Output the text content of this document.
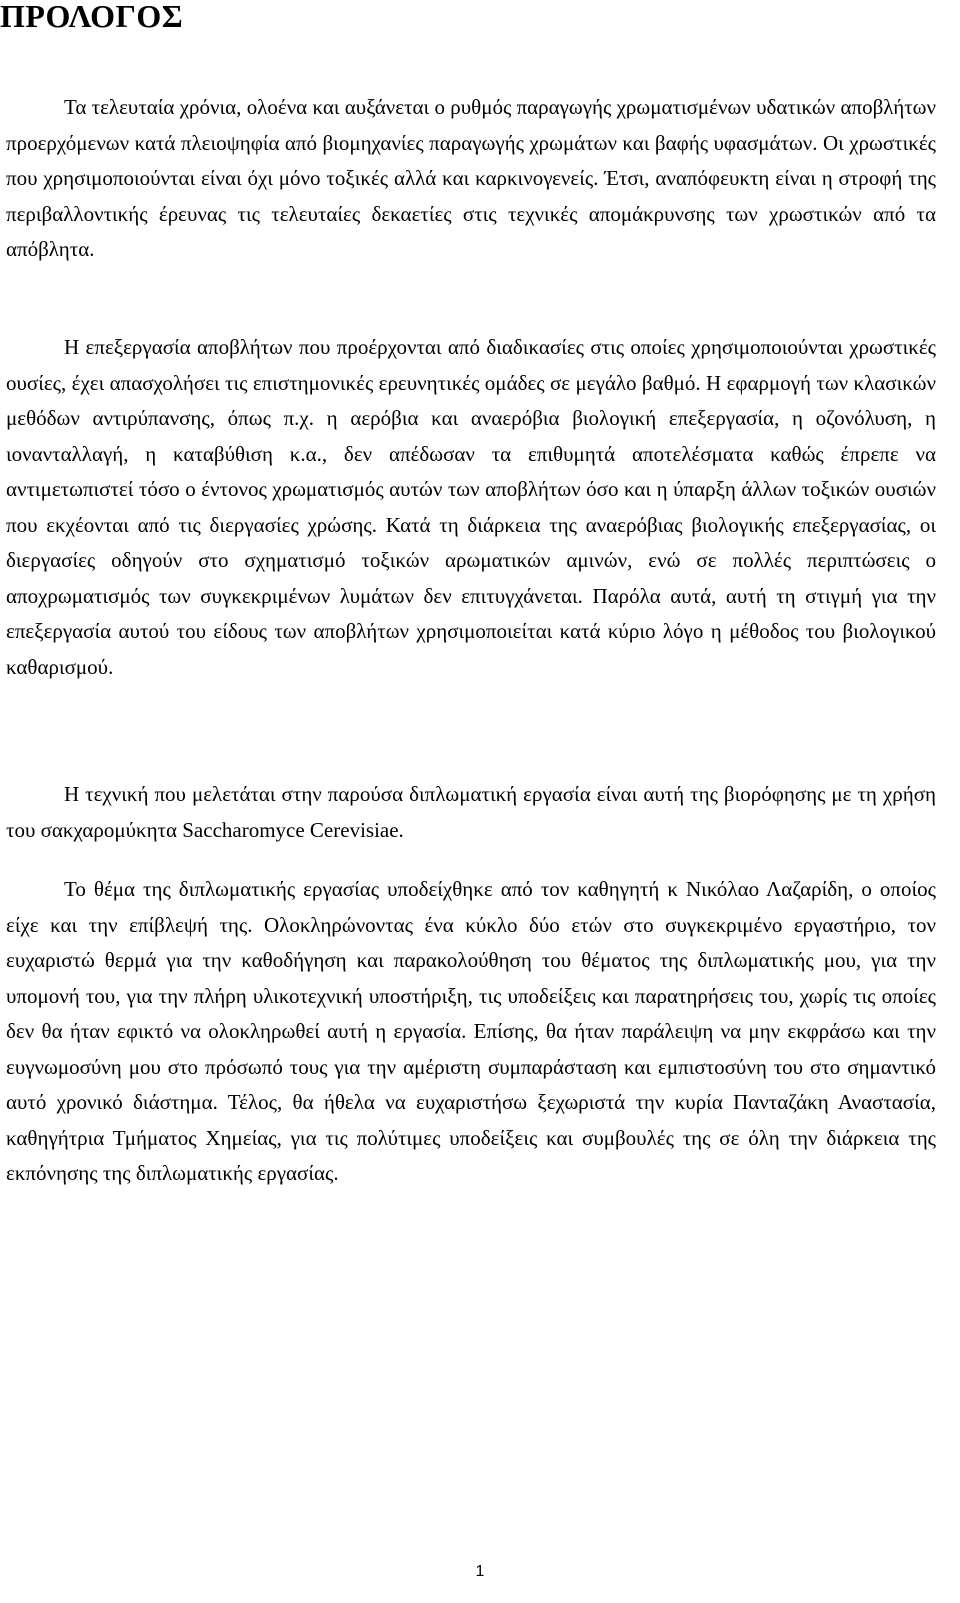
ΠΡΟΛΟΓΟΣ

Τα τελευταία χρόνια, ολοένα και αυξάνεται ο ρυθμός παραγωγής χρωματισμένων υδατικών αποβλήτων προερχόμενων κατά πλειοψηφία από βιομηχανίες παραγωγής χρωμάτων και βαφής υφασμάτων. Οι χρωστικές που χρησιμοποιούνται είναι όχι μόνο τοξικές αλλά και καρκινογενείς. Έτσι, αναπόφευκτη είναι η στροφή της περιβαλλοντικής έρευνας τις τελευταίες δεκαετίες στις τεχνικές απομάκρυνσης των χρωστικών από τα απόβλητα.

Η επεξεργασία αποβλήτων που προέρχονται από διαδικασίες στις οποίες χρησιμοποιούνται χρωστικές ουσίες, έχει απασχολήσει τις επιστημονικές ερευνητικές ομάδες σε μεγάλο βαθμό. Η εφαρμογή των κλασικών μεθόδων αντιρύπανσης, όπως π.χ. η αερόβια και αναερόβια βιολογική επεξεργασία, η οζονόλυση, η ιονανταλλαγή, η καταβύθιση κ.α., δεν απέδωσαν τα επιθυμητά αποτελέσματα καθώς έπρεπε να αντιμετωπιστεί τόσο ο έντονος χρωματισμός αυτών των αποβλήτων όσο και η ύπαρξη άλλων τοξικών ουσιών που εκχέονται από τις διεργασίες χρώσης. Κατά τη διάρκεια της αναερόβιας βιολογικής επεξεργασίας, οι διεργασίες οδηγούν στο σχηματισμό τοξικών αρωματικών αμινών, ενώ σε πολλές περιπτώσεις ο αποχρωματισμός των συγκεκριμένων λυμάτων δεν επιτυγχάνεται. Παρόλα αυτά, αυτή τη στιγμή για την επεξεργασία αυτού του είδους των αποβλήτων χρησιμοποιείται κατά κύριο λόγο η μέθοδος του βιολογικού καθαρισμού.

Η τεχνική που μελετάται στην παρούσα διπλωματική εργασία είναι αυτή της βιορόφησης με τη χρήση του σακχαρομύκητα Saccharomyce Cerevisiae.

Το θέμα της διπλωματικής εργασίας υποδείχθηκε από τον καθηγητή κ Νικόλαο Λαζαρίδη, ο οποίος είχε και την επίβλεψή της. Ολοκληρώνοντας ένα κύκλο δύο ετών στο συγκεκριμένο εργαστήριο, τον ευχαριστώ θερμά για την καθοδήγηση και παρακολούθηση του θέματος της διπλωματικής μου, για την υπομονή του, για την πλήρη υλικοτεχνική υποστήριξη, τις υποδείξεις και παρατηρήσεις του, χωρίς τις οποίες δεν θα ήταν εφικτό να ολοκληρωθεί αυτή η εργασία. Επίσης, θα ήταν παράλειψη να μην εκφράσω και την ευγνωμοσύνη μου στο πρόσωπό τους για την αμέριστη συμπαράσταση και εμπιστοσύνη του στο σημαντικό αυτό χρονικό διάστημα. Τέλος, θα ήθελα να ευχαριστήσω ξεχωριστά την κυρία Πανταζάκη Αναστασία, καθηγήτρια Τμήματος Χημείας, για τις πολύτιμες υποδείξεις και συμβουλές της σε όλη την διάρκεια της εκπόνησης της διπλωματικής εργασίας.

1
